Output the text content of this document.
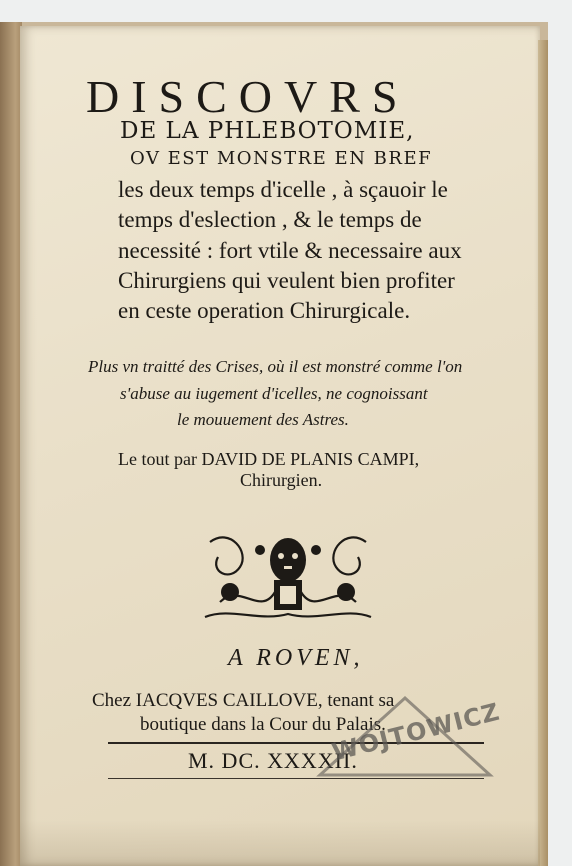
DISCOVRS
DE LA PHLEBOTOMIE,
OV EST MONSTRE EN BREF
les deux temps d'icelle , à sçauoir le
temps d'eslection , & le temps de
necessité : fort vtile & necessaire aux
Chirurgiens qui veulent bien profiter
en ceste operation Chirurgicale.
Plus vn traitté des Crises, où il est monstré comme l'on
s'abuse au iugement d'icelles, ne cognoissant
le mouuement des Astres.
Le tout par DAVID DE PLANIS CAMPI,
Chirurgien.
A ROVEN,
Chez IACQVES CAILLOVE, tenant sa
boutique dans la Cour du Palais.
M. DC. XXXXII.
WOJTOWICZ
